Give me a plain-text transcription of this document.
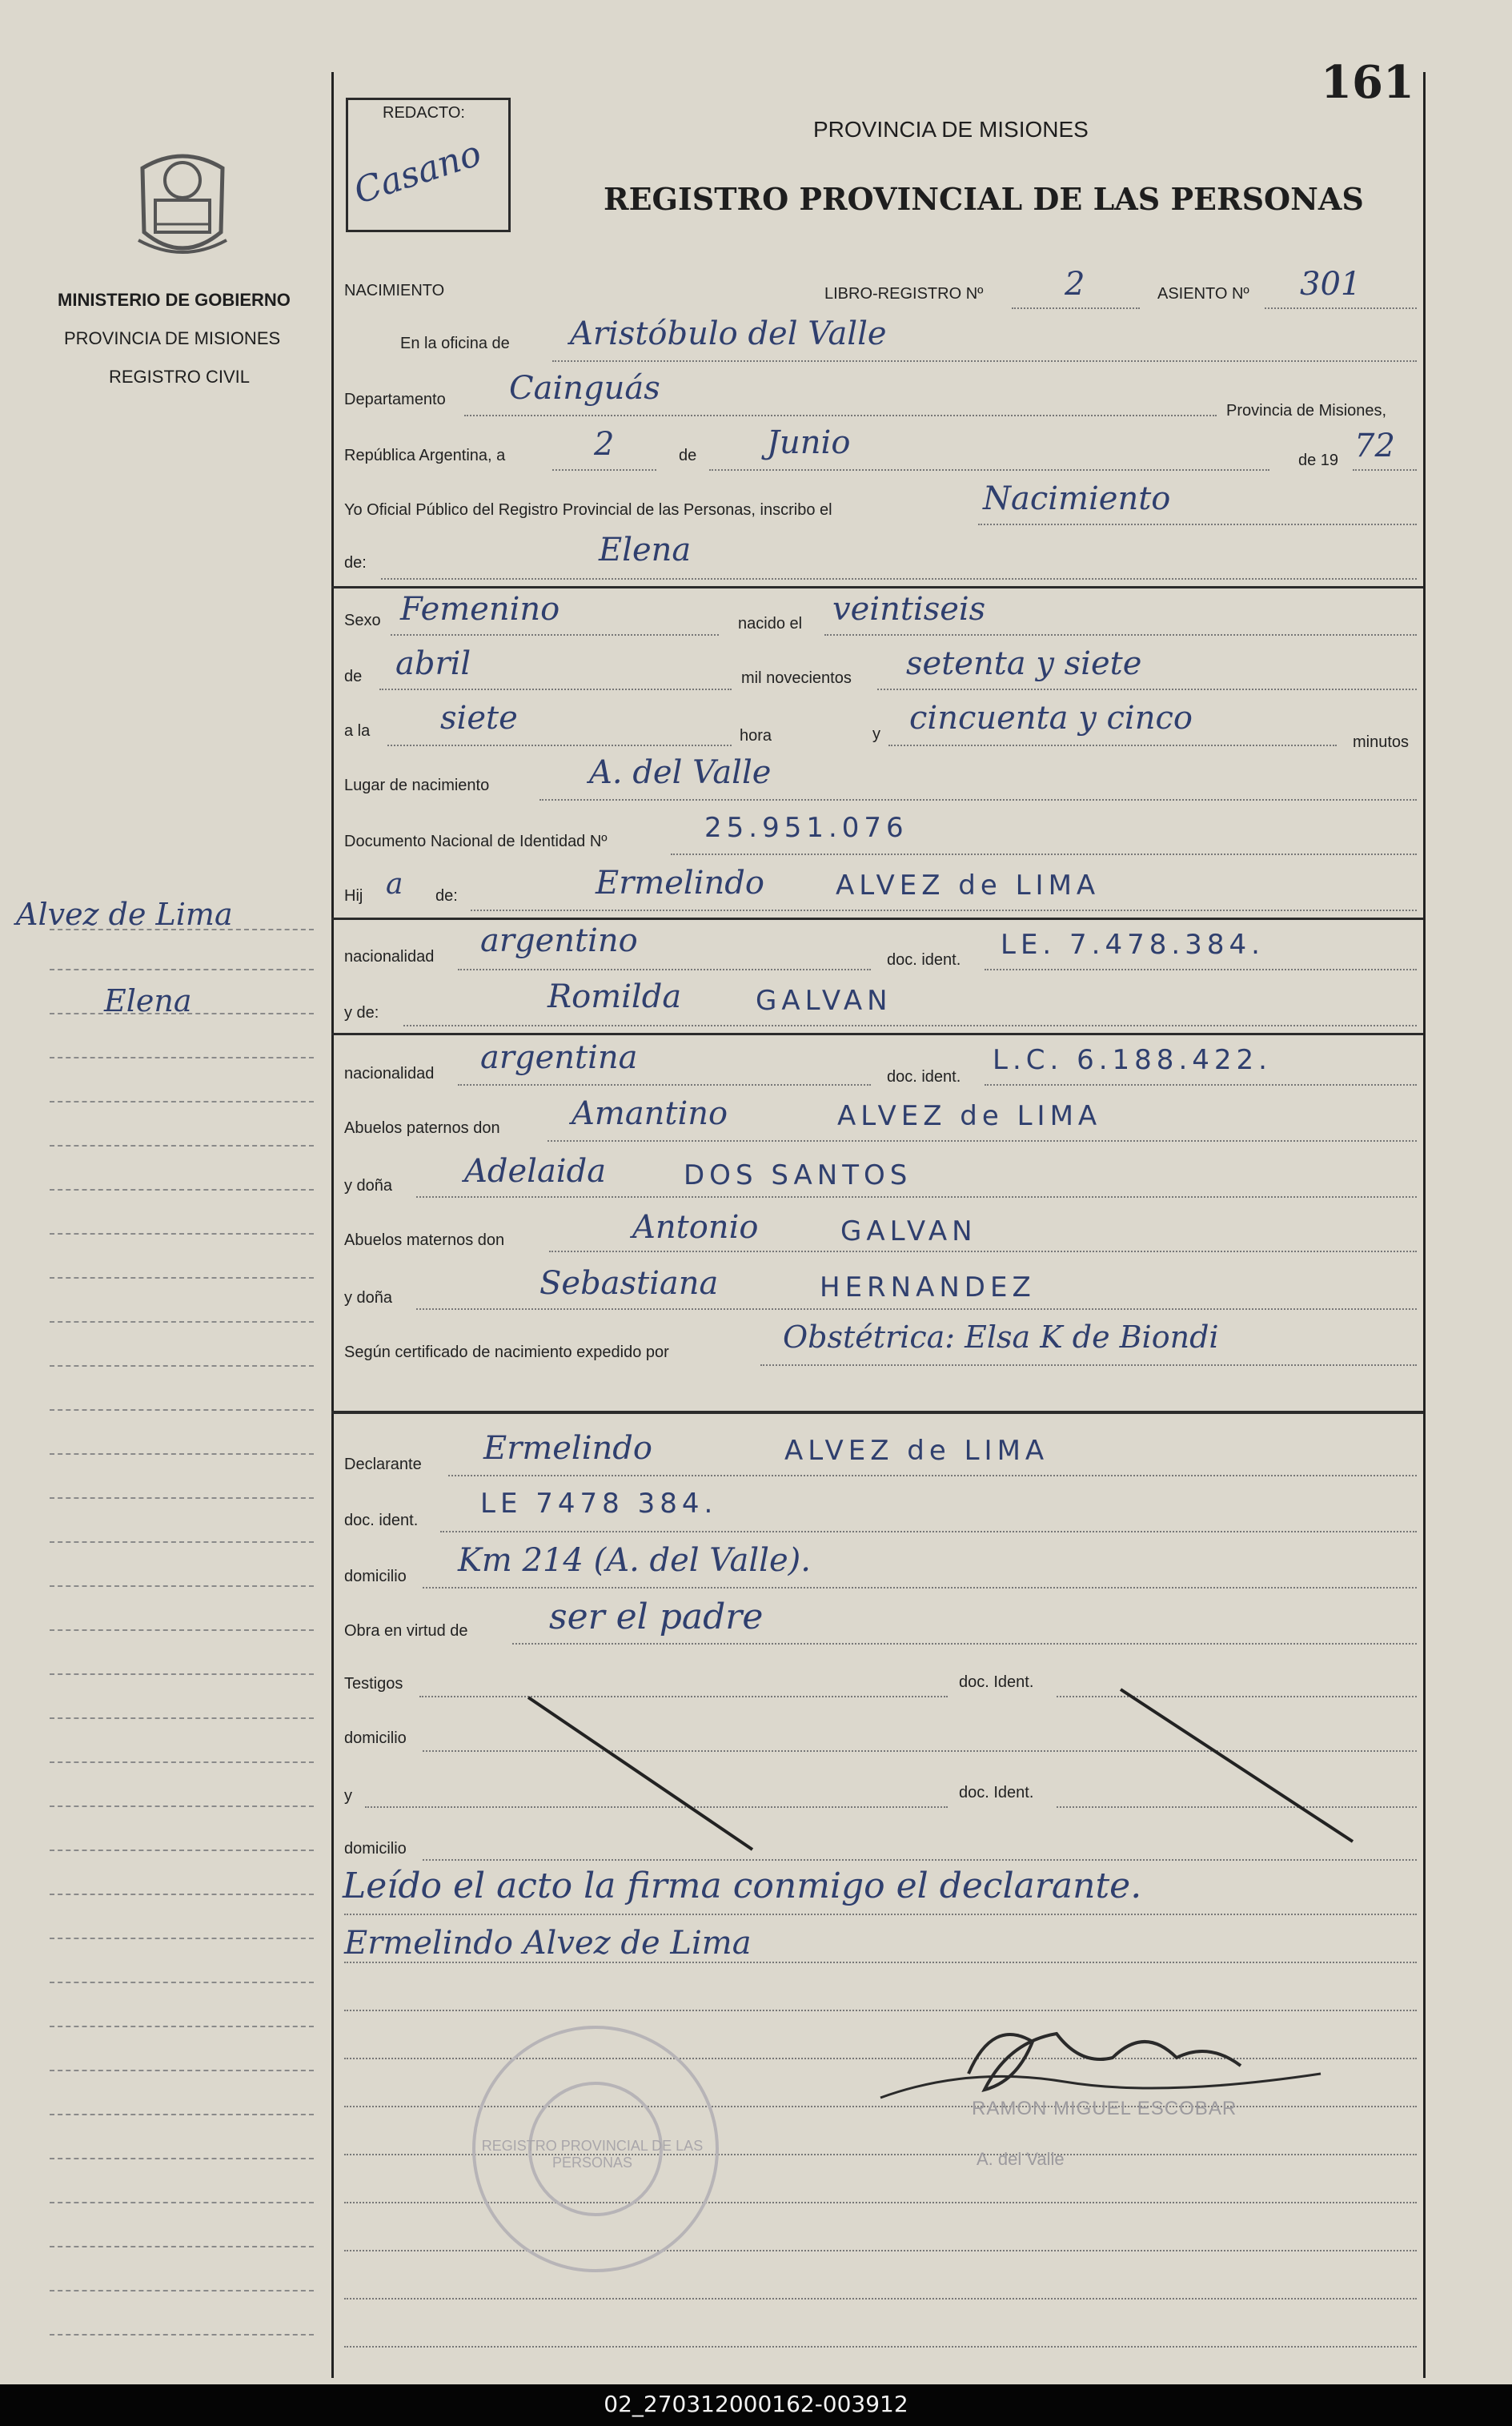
161
MINISTERIO DE GOBIERNO
PROVINCIA DE MISIONES
REGISTRO CIVIL
Alvez de Lima
Elena
REDACTO:
Casano
PROVINCIA DE MISIONES
REGISTRO PROVINCIAL DE LAS PERSONAS
NACIMIENTO	LIBRO-REGISTRO Nº	2	ASIENTO Nº 301
En la oficina de Aristóbulo del Valle
Departamento Cainguás
Provincia de Misiones,
República Argentina, a	2	de Junio	de 19 72
Yo Oficial Público del Registro Provincial de las Personas, inscribo el	Nacimiento
de:	Elena
Sexo Femenino	nacido el veintiseis
de abril	mil novecientos setenta y siete
a la siete	hora	y cincuenta y cinco
minutos
Lugar de nacimiento	A. del Valle
Documento Nacional de Identidad Nº	25.951.076
Hij a de:	Ermelindo	ALVEZ de LIMA
nacionalidad argentino
doc. ident. LE. 7.478.384.
y de:	Romilda	GALVAN
nacionalidad argentina
doc. ident.
L.C. 6.188.422.
Abuelos paternos don Amantino	ALVEZ de LIMA
y doña Adelaida	DOS SANTOS
Abuelos maternos don	Antonio	GALVAN
y doña	Sebastiana	HERNANDEZ
Según certificado de nacimiento expedido por	Obstétrica: Elsa K de Biondi
Declarante Ermelindo	ALVEZ de LIMA
doc. ident.
LE 7478 384.
domicilio Km 214 (A. del Valle).
Obra en virtud de ser el padre
Testigos	doc. Ident.
domicilio
y	doc. Ident.
domicilio
Leído el acto la firma conmigo el declarante.
Ermelindo Alvez de Lima
REGISTRO PROVINCIAL DE LAS PERSONAS
RAMON MIGUEL ESCOBAR
A. del Valle
02_270312000162-003912
